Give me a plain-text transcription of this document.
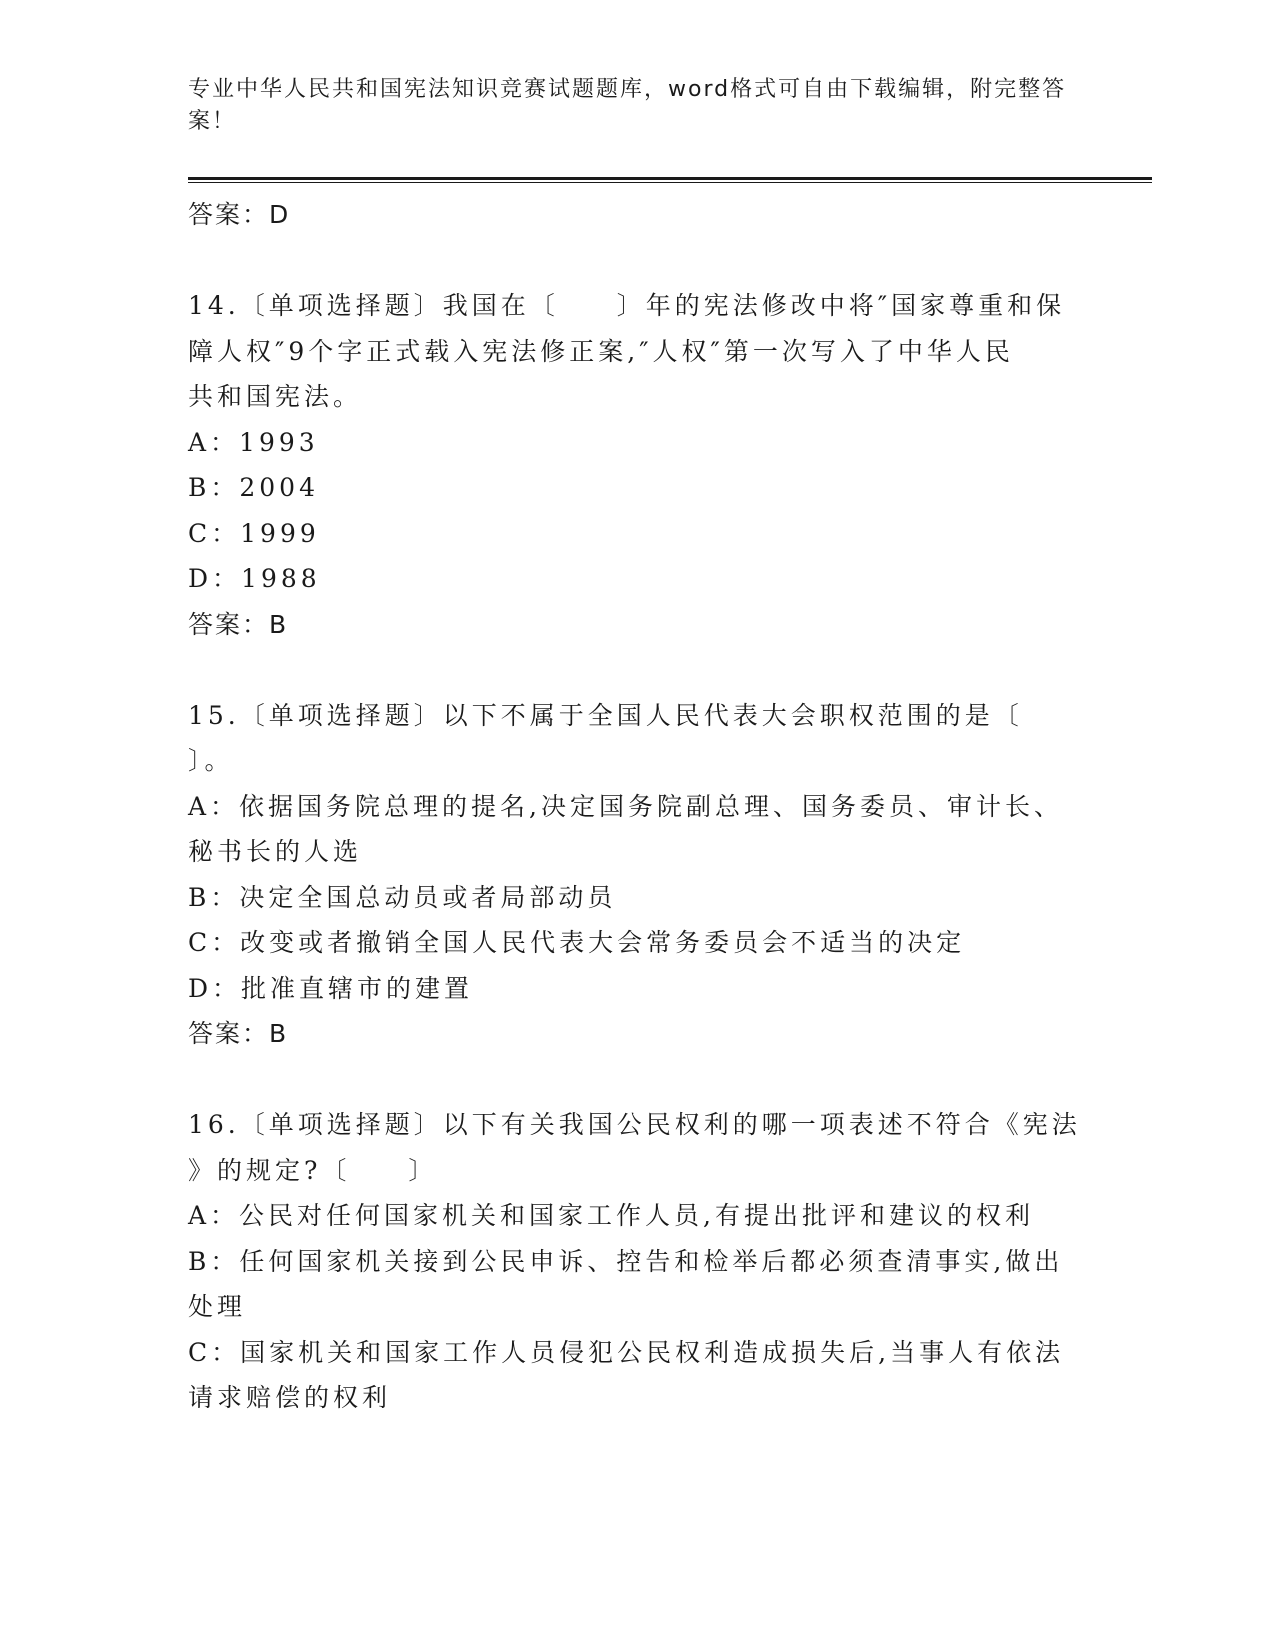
专业中华人民共和国宪法知识竞赛试题题库，word格式可自由下载编辑，附完整答案！
答案：D
14.〔单项选择题〕我国在〔　　〕年的宪法修改中将″国家尊重和保
障人权″9个字正式载入宪法修正案,″人权″第一次写入了中华人民
共和国宪法。
A：1993
B：2004
C：1999
D：1988
答案：B
15.〔单项选择题〕以下不属于全国人民代表大会职权范围的是〔
〕。
A：依据国务院总理的提名,决定国务院副总理、国务委员、审计长、
秘书长的人选
B：决定全国总动员或者局部动员
C：改变或者撤销全国人民代表大会常务委员会不适当的决定
D：批准直辖市的建置
答案：B
16.〔单项选择题〕以下有关我国公民权利的哪一项表述不符合《宪法
》的规定?〔　　〕
A：公民对任何国家机关和国家工作人员,有提出批评和建议的权利
B：任何国家机关接到公民申诉、控告和检举后都必须查清事实,做出
处理
C：国家机关和国家工作人员侵犯公民权利造成损失后,当事人有依法
请求赔偿的权利
